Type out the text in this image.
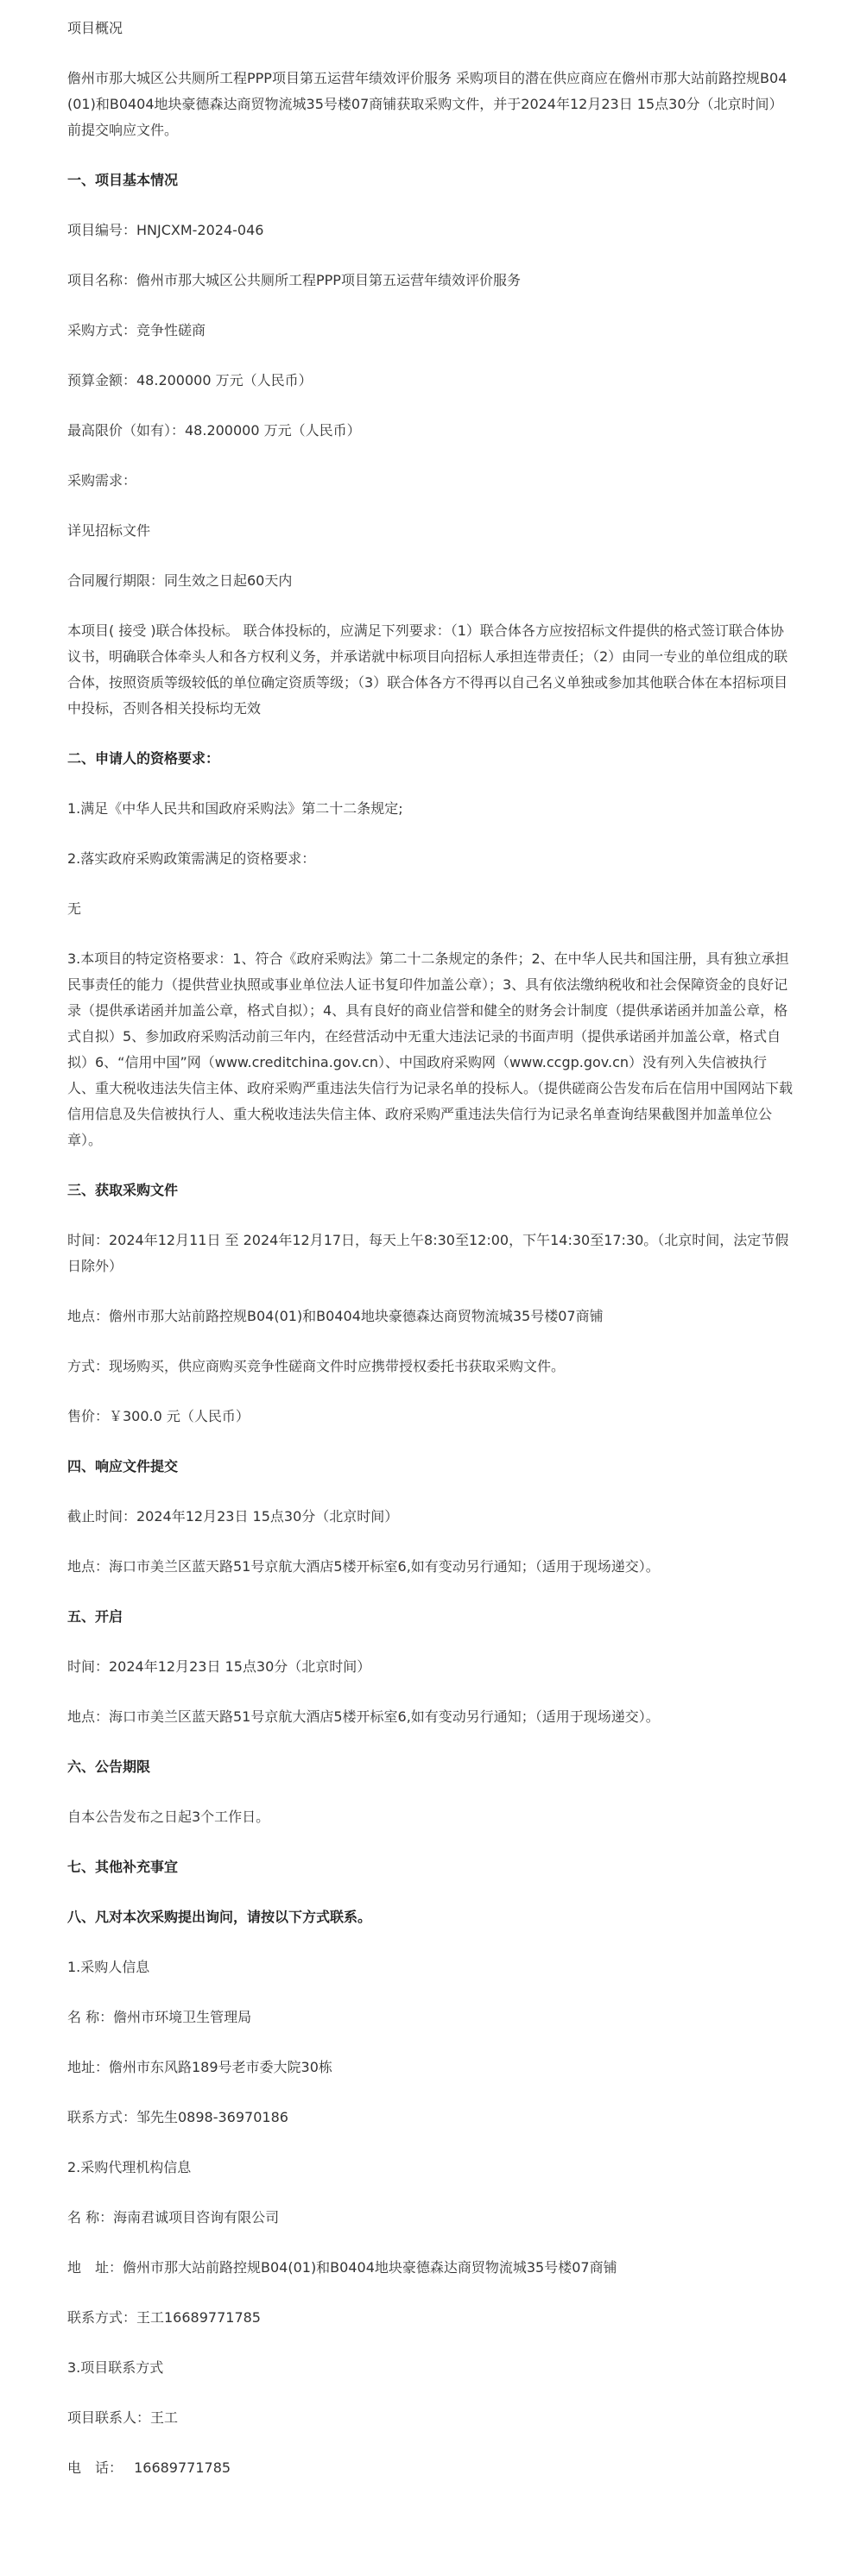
项目概况
儋州市那大城区公共厕所工程PPP项目第五运营年绩效评价服务 采购项目的潜在供应商应在儋州市那大站前路控规B04(01)和B0404地块豪德森达商贸物流城35号楼07商铺获取采购文件，并于2024年12月23日 15点30分（北京时间）前提交响应文件。
一、项目基本情况
项目编号：HNJCXM-2024-046
项目名称：儋州市那大城区公共厕所工程PPP项目第五运营年绩效评价服务
采购方式：竞争性磋商
预算金额：48.200000 万元（人民币）
最高限价（如有）：48.200000 万元（人民币）
采购需求：
详见招标文件
合同履行期限：同生效之日起60天内
本项目( 接受 )联合体投标。 联合体投标的，应满足下列要求：（1）联合体各方应按招标文件提供的格式签订联合体协议书，明确联合体牵头人和各方权利义务，并承诺就中标项目向招标人承担连带责任；（2）由同一专业的单位组成的联合体，按照资质等级较低的单位确定资质等级；（3）联合体各方不得再以自己名义单独或参加其他联合体在本招标项目中投标，否则各相关投标均无效
二、申请人的资格要求：
1.满足《中华人民共和国政府采购法》第二十二条规定;
2.落实政府采购政策需满足的资格要求：
无
3.本项目的特定资格要求：1、符合《政府采购法》第二十二条规定的条件；2、在中华人民共和国注册，具有独立承担民事责任的能力（提供营业执照或事业单位法人证书复印件加盖公章）；3、具有依法缴纳税收和社会保障资金的良好记录（提供承诺函并加盖公章，格式自拟）；4、具有良好的商业信誉和健全的财务会计制度（提供承诺函并加盖公章，格式自拟）5、参加政府采购活动前三年内，在经营活动中无重大违法记录的书面声明（提供承诺函并加盖公章，格式自拟）6、“信用中国”网（www.creditchina.gov.cn）、中国政府采购网（www.ccgp.gov.cn）没有列入失信被执行人、重大税收违法失信主体、政府采购严重违法失信行为记录名单的投标人。（提供磋商公告发布后在信用中国网站下载信用信息及失信被执行人、重大税收违法失信主体、政府采购严重违法失信行为记录名单查询结果截图并加盖单位公章）。
三、获取采购文件
时间：2024年12月11日 至 2024年12月17日，每天上午8:30至12:00，下午14:30至17:30。（北京时间，法定节假日除外）
地点：儋州市那大站前路控规B04(01)和B0404地块豪德森达商贸物流城35号楼07商铺
方式：现场购买，供应商购买竞争性磋商文件时应携带授权委托书获取采购文件。
售价：￥300.0 元（人民币）
四、响应文件提交
截止时间：2024年12月23日 15点30分（北京时间）
地点：海口市美兰区蓝天路51号京航大酒店5楼开标室6,如有变动另行通知；（适用于现场递交）。
五、开启
时间：2024年12月23日 15点30分（北京时间）
地点：海口市美兰区蓝天路51号京航大酒店5楼开标室6,如有变动另行通知；（适用于现场递交）。
六、公告期限
自本公告发布之日起3个工作日。
七、其他补充事宜
八、凡对本次采购提出询问，请按以下方式联系。
1.采购人信息
名 称：儋州市环境卫生管理局
地址：儋州市东风路189号老市委大院30栋
联系方式：邹先生0898-36970186
2.采购代理机构信息
名 称：海南君诚项目咨询有限公司
地　址：儋州市那大站前路控规B04(01)和B0404地块豪德森达商贸物流城35号楼07商铺
联系方式：王工16689771785
3.项目联系方式
项目联系人：王工
电　话：　 16689771785
